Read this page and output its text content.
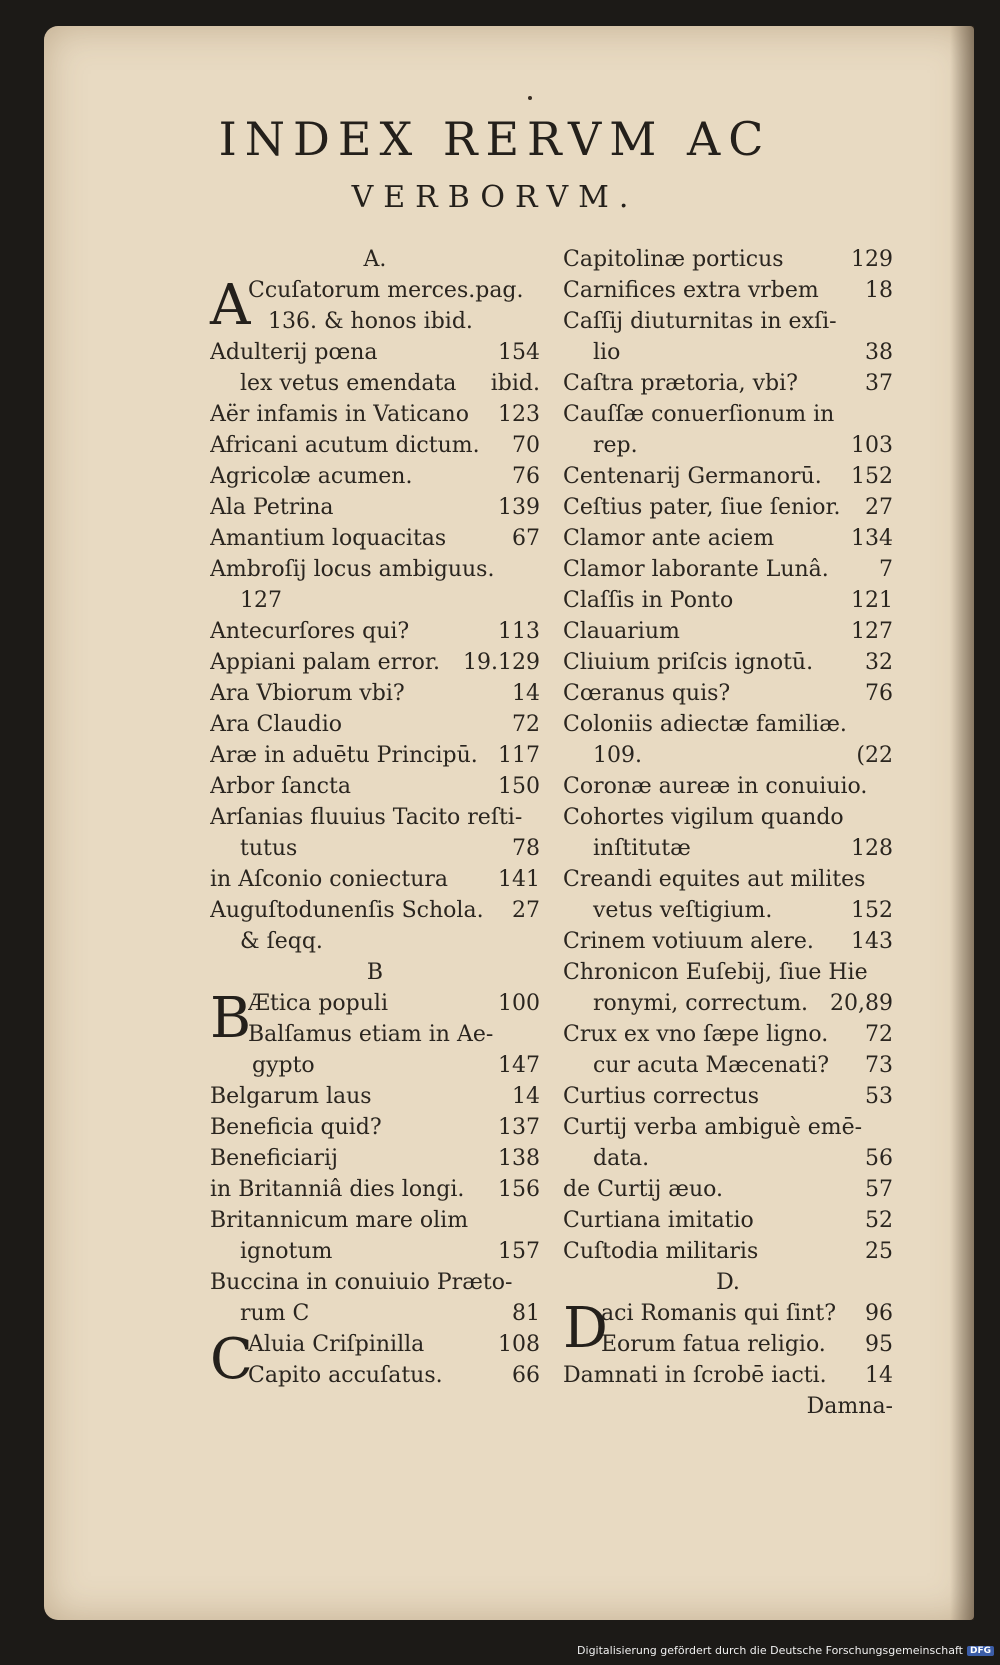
INDEX RERVM AC
VERBORVM.
A.
A
Ccuſatorum merces.pag.
136. & honos ibid.
Adulterij pœna	154
lex vetus emendata	ibid.
Aër infamis in Vaticano	123
Africani acutum dictum.	70
Agricolæ acumen.	76
Ala Petrina	139
Amantium loquacitas	67
Ambroſij locus ambiguus.
127
Antecurſores qui?	113
Appiani palam error.	19.129
Ara Vbiorum vbi?	14
Ara Claudio	72
Aræ in aduētu Principū. 117
Arbor ſancta	150
Arſanias fluuius Tacito reſti-
tutus	78
in Aſconio coniectura	141
Auguſtodunenſis Schola.	27
& ſeqq.
B
B
Ætica populi	100
Balſamus etiam in Ae-
gypto	147
Belgarum laus	14
Beneficia quid?	137
Beneficiarij	138
in Britanniâ dies longi.	156
Britannicum mare olim
ignotum	157
Buccina in conuiuio Præto-
rum C	81
C
Aluia Criſpinilla	108
Capito accuſatus.	66
Capitolinæ porticus	129
Carnifices extra vrbem	18
Caſſij diuturnitas in exſi-
lio	38
Caſtra prætoria, vbi?	37
Cauſſæ conuerſionum in
rep.	103
Centenarij Germanorū.	152
Ceſtius pater, ſiue ſenior.	27
Clamor ante aciem	134
Clamor laborante Lunâ.	7
Claſſis in Ponto	121
Clauarium	127
Cliuium priſcis ignotū.	32
Cœranus quis?	76
Coloniis adiectæ familiæ.
109.	(22
Coronæ aureæ in conuiuio.
Cohortes vigilum quando
inſtitutæ	128
Creandi equites aut milites
vetus veſtigium.	152
Crinem votiuum alere.	143
Chronicon Euſebij, ſiue Hie
ronymi, correctum. 20,89
Crux ex vno ſæpe ligno.	72
cur acuta Mæcenati?	73
Curtius correctus	53
Curtij verba ambiguè emē-
data.	56
de Curtij æuo.	57
Curtiana imitatio	52
Cuſtodia militaris	25
D.
D
aci Romanis qui ſint?	96
Eorum fatua religio.	95
Damnati in ſcrobē iacti.	14
Damna-
Digitalisierung gefördert durch die Deutsche Forschungsgemeinschaft DFG
